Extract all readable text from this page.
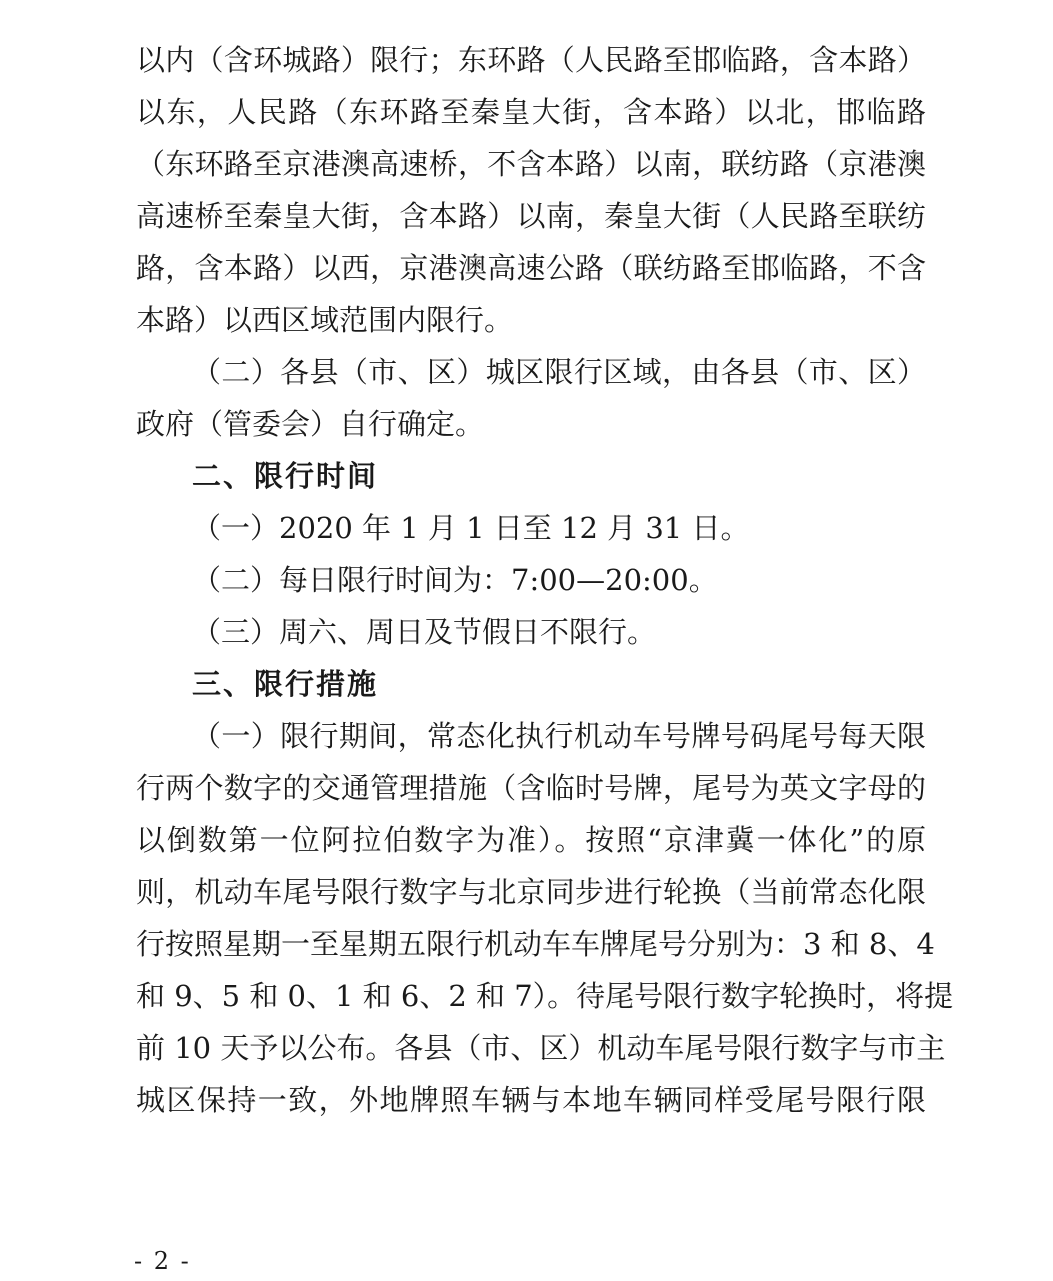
以内（含环城路）限行；东环路（人民路至邯临路，含本路）
以东，人民路（东环路至秦皇大街，含本路）以北，邯临路
（东环路至京港澳高速桥，不含本路）以南，联纺路（京港澳
高速桥至秦皇大街，含本路）以南，秦皇大街（人民路至联纺
路，含本路）以西，京港澳高速公路（联纺路至邯临路，不含
本路）以西区域范围内限行。
（二）各县（市、区）城区限行区域，由各县（市、区）
政府（管委会）自行确定。
二、限行时间
（一）2020 年 1 月 1 日至 12 月 31 日。
（二）每日限行时间为：7:00—20:00。
（三）周六、周日及节假日不限行。
三、限行措施
（一）限行期间，常态化执行机动车号牌号码尾号每天限
行两个数字的交通管理措施（含临时号牌，尾号为英文字母的
以倒数第一位阿拉伯数字为准）。按照“京津冀一体化”的原
则，机动车尾号限行数字与北京同步进行轮换（当前常态化限
行按照星期一至星期五限行机动车车牌尾号分别为：3 和 8、4
和 9、5 和 0、1 和 6、2 和 7）。待尾号限行数字轮换时，将提
前 10 天予以公布。各县（市、区）机动车尾号限行数字与市主
城区保持一致，外地牌照车辆与本地车辆同样受尾号限行限
- 2 -
